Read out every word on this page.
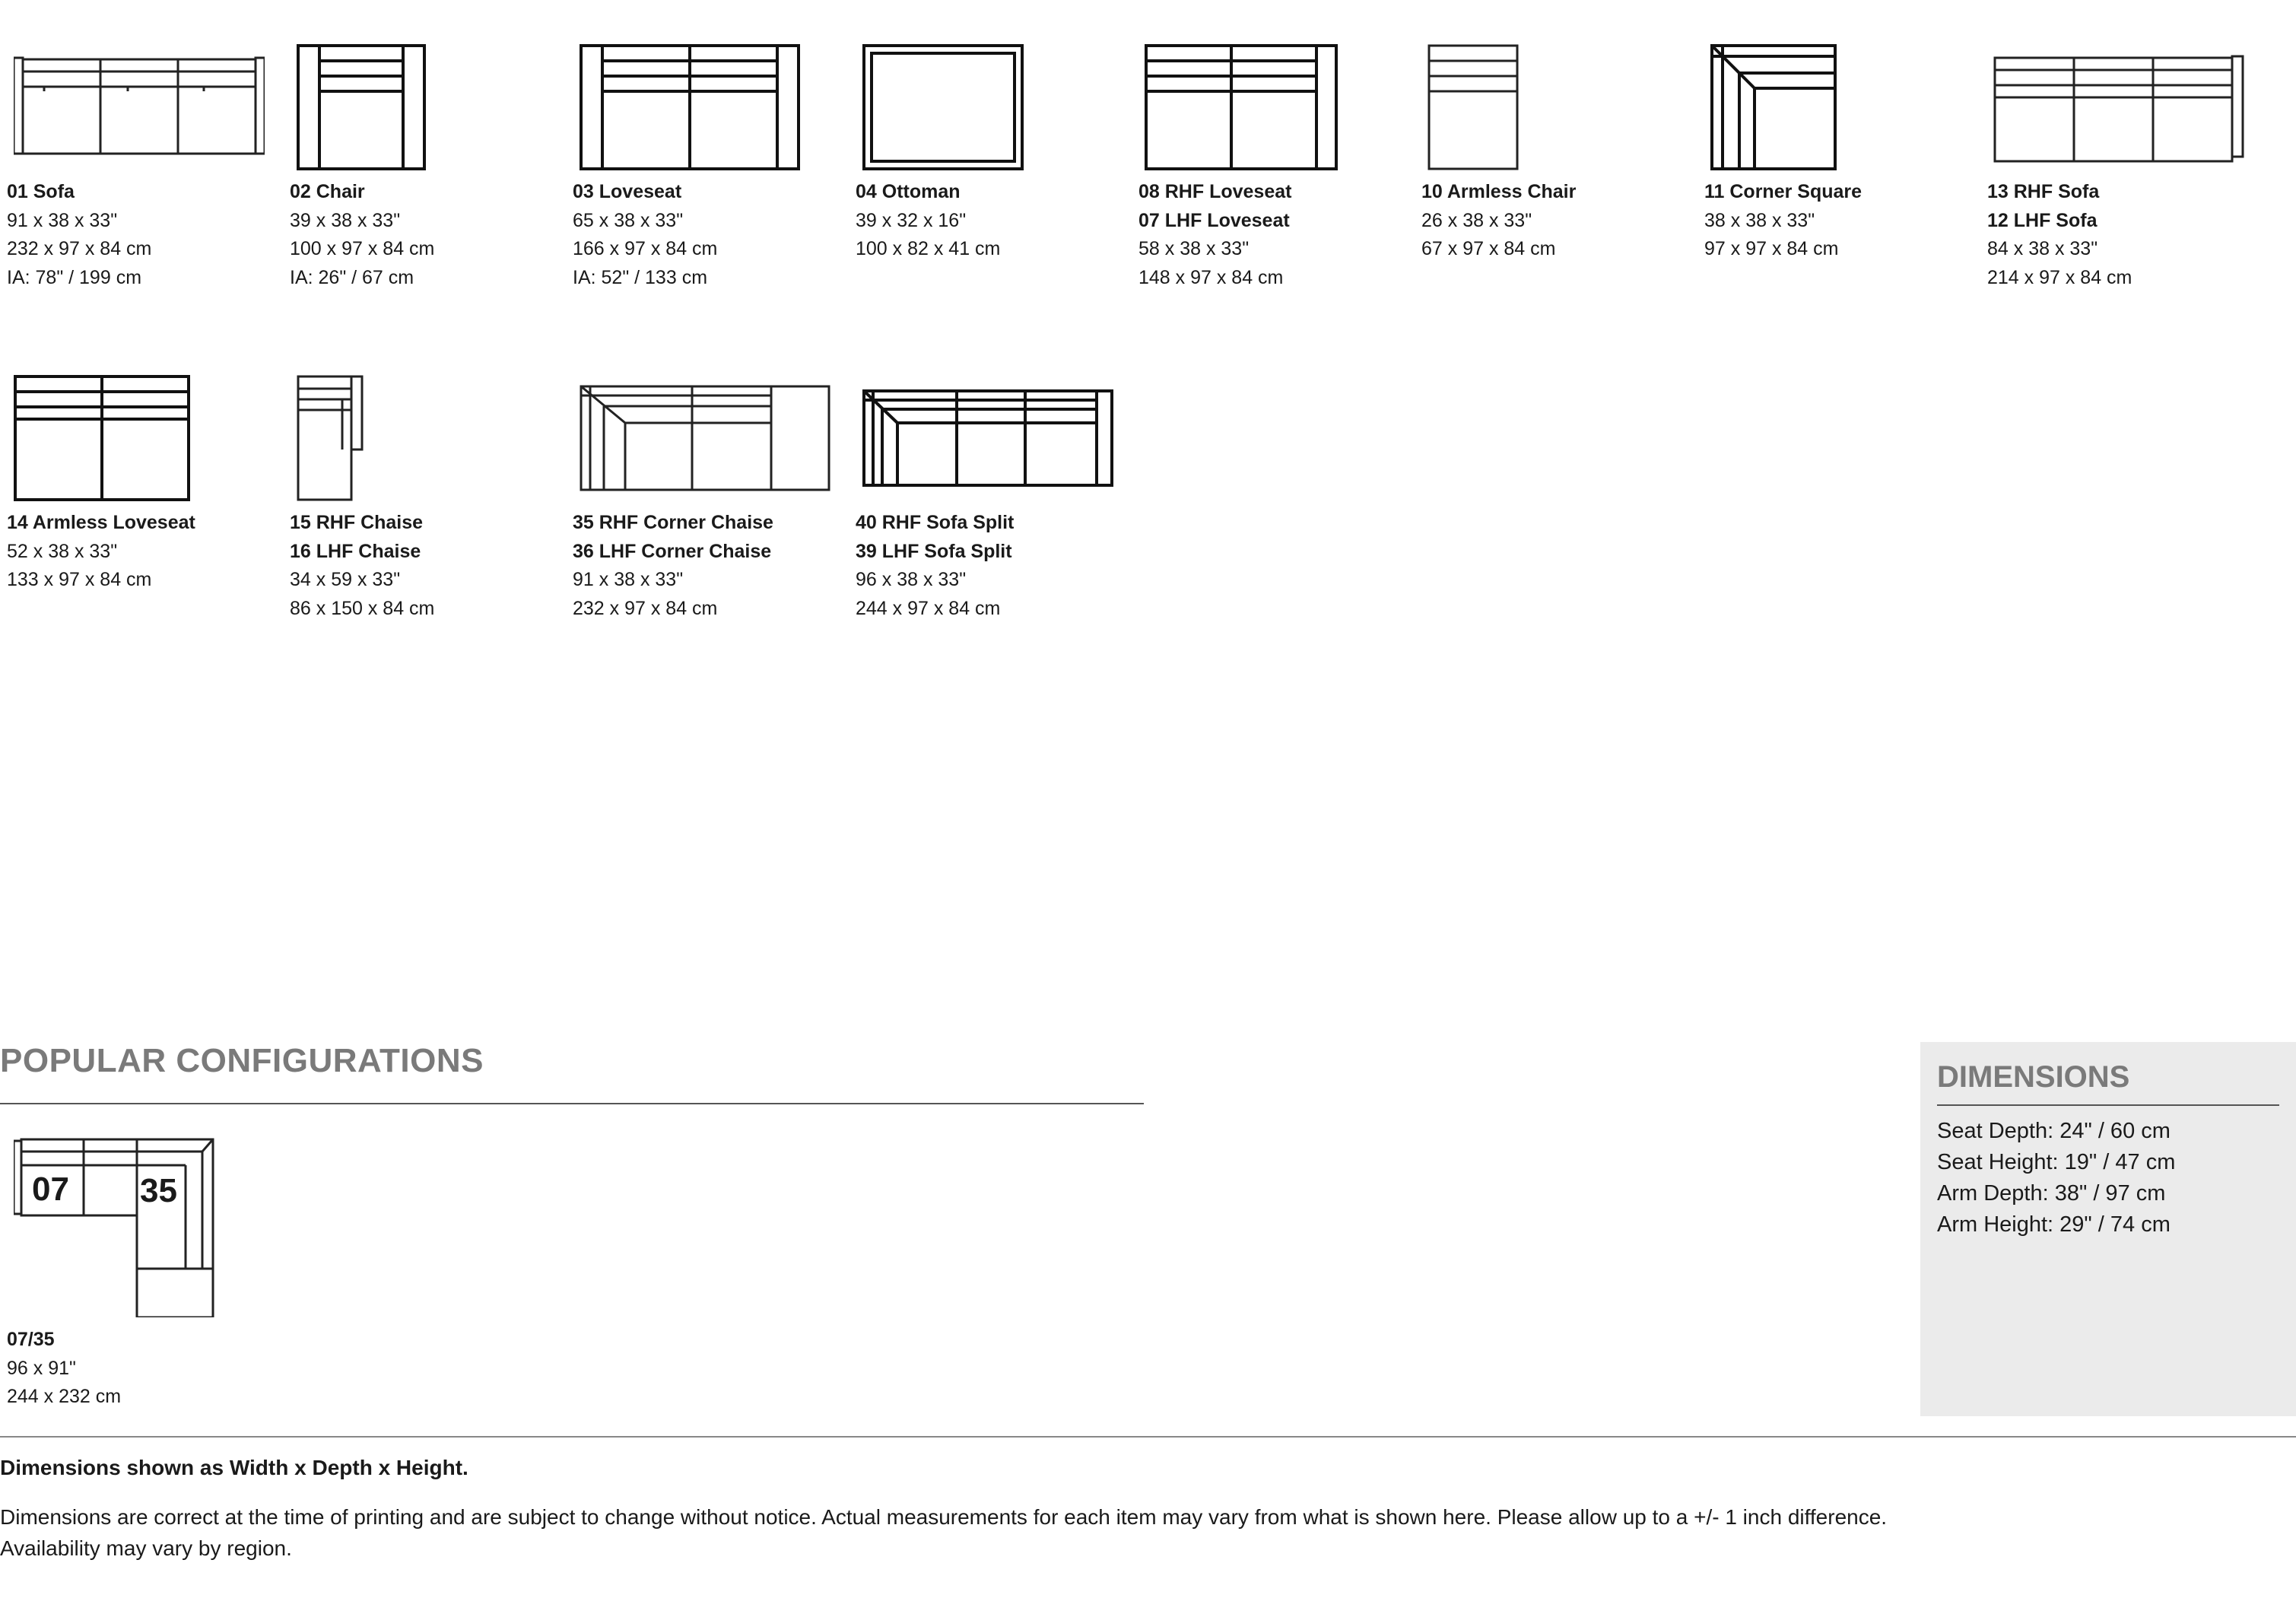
01 Sofa
91 x 38 x 33"
232 x 97 x 84 cm
IA: 78" / 199 cm
02 Chair
39 x 38 x 33"
100 x 97 x 84 cm
IA: 26" / 67 cm
03 Loveseat
65 x 38 x 33"
166 x 97 x 84 cm
IA: 52" / 133 cm
04 Ottoman
39 x 32 x 16"
100 x 82 x 41 cm
08 RHF Loveseat
07 LHF Loveseat
58 x 38 x 33"
148 x 97 x 84 cm
10 Armless Chair
26 x 38 x 33"
67 x 97 x 84 cm
11 Corner Square
38 x 38 x 33"
97 x 97 x 84 cm
13 RHF Sofa
12 LHF Sofa
84 x 38 x 33"
214 x 97 x 84 cm
14 Armless Loveseat
52 x 38 x 33"
133 x 97 x 84 cm
15 RHF Chaise
16 LHF Chaise
34 x 59 x 33"
86 x 150 x 84 cm
35 RHF Corner Chaise
36 LHF Corner Chaise
91 x 38 x 33"
232 x 97 x 84 cm
40 RHF Sofa Split
39 LHF Sofa Split
96 x 38 x 33"
244 x 97 x 84 cm
POPULAR CONFIGURATIONS
07 35
07/35
96 x 91"
244 x 232 cm
DIMENSIONS
Seat Depth: 24" / 60 cm
Seat Height: 19" / 47 cm
Arm Depth: 38" / 97 cm
Arm Height: 29" / 74 cm
Dimensions shown as Width x Depth x Height.
Dimensions are correct at the time of printing and are subject to change without notice. Actual measurements for each item may vary from what is shown here. Please allow up to a +/- 1 inch difference.
Availability may vary by region.
